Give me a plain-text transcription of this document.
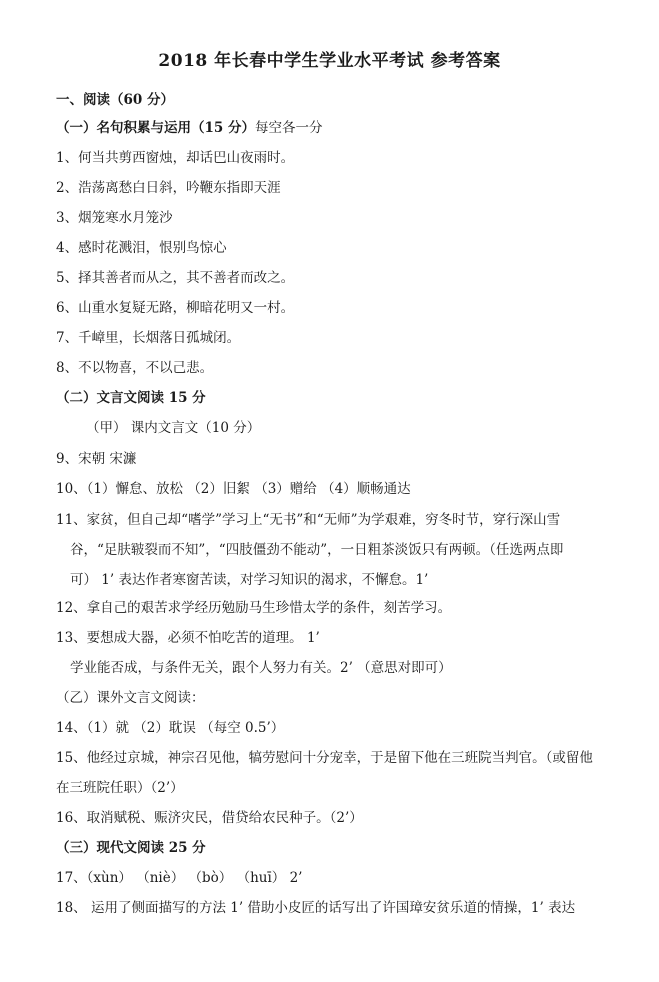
2018 年长春中学生学业水平考试 参考答案
一、阅读（60 分）
（一）名句积累与运用（15 分）每空各一分
1、何当共剪西窗烛，却话巴山夜雨时。
2、浩荡离愁白日斜，吟鞭东指即天涯
3、烟笼寒水月笼沙
4、感时花溅泪，恨别鸟惊心
5、择其善者而从之，其不善者而改之。
6、山重水复疑无路，柳暗花明又一村。
7、千嶂里，长烟落日孤城闭。
8、不以物喜，不以己悲。
（二）文言文阅读 15 分
（甲） 课内文言文（10 分）
9、宋朝 宋濂
10、（1）懈怠、放松 （2）旧絮 （3）赠给 （4）顺畅通达
11、家贫，但自己却“嗜学”学习上“无书”和“无师”为学艰难，穷冬时节，穿行深山雪
谷，“足肤皲裂而不知”，“四肢僵劲不能动”，一日粗茶淡饭只有两顿。（任选两点即
可） 1’ 表达作者寒窗苦读，对学习知识的渴求，不懈怠。1’
12、拿自己的艰苦求学经历勉励马生珍惜太学的条件，刻苦学习。
13、要想成大器，必须不怕吃苦的道理。 1’
学业能否成，与条件无关，跟个人努力有关。2’ （意思对即可）
（乙）课外文言文阅读：
14、（1）就 （2）耽误 （每空 0.5’）
15、他经过京城，神宗召见他，犒劳慰问十分宠幸，于是留下他在三班院当判官。（或留他
在三班院任职）（2’）
16、取消赋税、赈济灾民，借贷给农民种子。（2’）
（三）现代文阅读 25 分
17、（xùn） （niè） （bò） （huī） 2’
18、 运用了侧面描写的方法 1’ 借助小皮匠的话写出了许国璋安贫乐道的情操，1’ 表达
